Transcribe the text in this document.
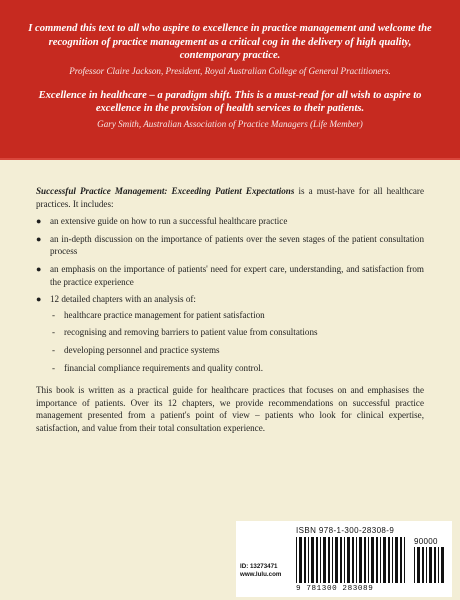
I commend this text to all who aspire to excellence in practice management and welcome the recognition of practice management as a critical cog in the delivery of high quality, contemporary practice.

Professor Claire Jackson, President, Royal Australian College of General Practitioners.

Excellence in healthcare – a paradigm shift. This is a must-read for all wish to aspire to excellence in the provision of health services to their patients.

Gary Smith, Australian Association of Practice Managers (Life Member)

Successful Practice Management: Exceeding Patient Expectations is a must-have for all healthcare practices. It includes:

● an extensive guide on how to run a successful healthcare practice
● an in-depth discussion on the importance of patients over the seven stages of the patient consultation process
● an emphasis on the importance of patients' need for expert care, understanding, and satisfaction from the practice experience
● 12 detailed chapters with an analysis of:
- healthcare practice management for patient satisfaction
- recognising and removing barriers to patient value from consultations
- developing personnel and practice systems
- financial compliance requirements and quality control.

This book is written as a practical guide for healthcare practices that focuses on and emphasises the importance of patients. Over its 12 chapters, we provide recommendations on successful practice management presented from a patient's point of view – patients who look for clinical expertise, satisfaction, and value from their total consultation experience.

ID: 13273471
www.lulu.com
ISBN 978-1-300-28308-9
90000
9 781300 283089
